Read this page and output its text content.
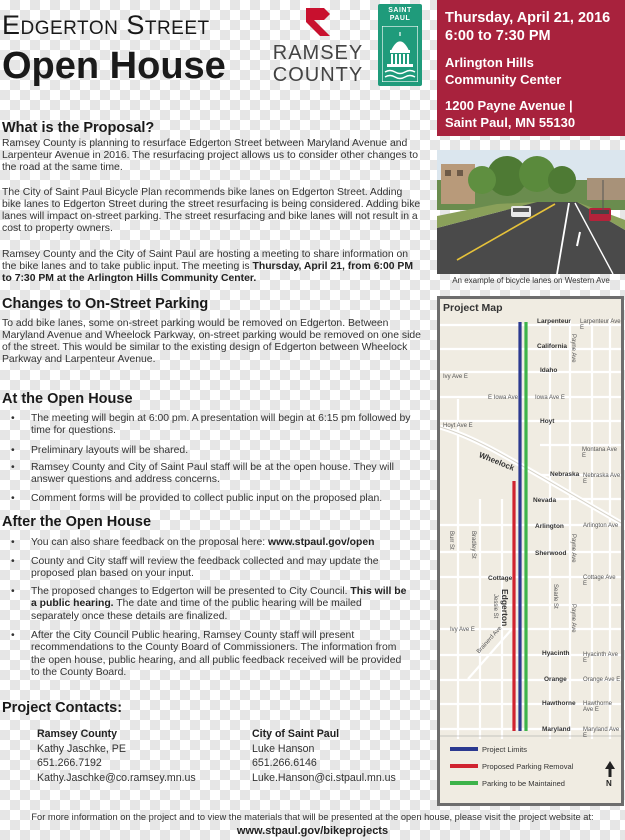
Edgerton Street
Open House RAMSEY
COUNTY
SAINT
PAUL	Thursday, April 21, 2016
6:00 to 7:30 PM
Arlington Hills
Community Center
1200 Payne Avenue |
Saint Paul, MN 55130
An example of bicycle lanes on Western Ave
What is the Proposal?

Ramsey County is planning to resurface Edgerton Street between Maryland Avenue and Larpenteur Avenue in 2016. The resurfacing project allows us to consider other changes to the road at the same time.

The City of Saint Paul Bicycle Plan recommends bike lanes on Edgerton Street. Adding bike lanes to Edgerton Street during the street resurfacing is being considered. Adding bike lanes will impact on-street parking. The street resurfacing and bike lanes will not result in a cost to property owners.

Ramsey County and the City of Saint Paul are hosting a meeting to share information on the bike lanes and to take public input. The meeting is Thursday, April 21, from 6:00 PM to 7:30 PM at the Arlington Hills Community Center.

Changes to On-Street Parking

To add bike lanes, some on-street parking would be removed on Edgerton. Between Maryland Avenue and Wheelock Parkway, on-street parking would be removed on one side of the street. This would be similar to the existing design of Edgerton between Wheelock Parkway and Larpenteur Avenue.

At the Open House
• The meeting will begin at 6:00 pm. A presentation will begin at 6:15 pm followed by time for questions.
• Preliminary layouts will be shared.
• Ramsey County and City of Saint Paul staff will be at the open house. They will answer questions and address concerns.
• Comment forms will be provided to collect public input on the proposed plan.
After the Open House
• You can also share feedback on the proposal here: www.stpaul.gov/open
• County and City staff will review the feedback collected and may update the proposed plan based on your input.
• The proposed changes to Edgerton will be presented to City Council. This will be a public hearing. The date and time of the public hearing will be mailed separately once these details are finalized.
• After the City Council Public hearing, Ramsey County staff will present recommendations to the County Board of Commissioners. The information from the open house, public hearing, and all public feedback received will be provided to the County Board.
Project Contacts:
Ramsey County
Kathy Jaschke, PE
651.266.7192
Kathy.Jaschke@co.ramsey.mn.us
City of Saint Paul
Luke Hanson
651.266.6146
Luke.Hanson@ci.stpaul.mn.us
Project Map
Larpenteur Larpenteur Ave E
California
Idaho
Ivy Ave E
E Iowa Ave	Iowa Ave E
Hoyt
Hoyt Ave E
Montana Ave E
Wheelock
Nebraska Nebraska Ave E
Nevada
Arlington	Arlington Ave
Sherwood
Cottage	Cottage Ave E
Ivy Ave E
Hyacinth Hyacinth Ave E
Orange	Orange Ave E
Hawthorne Hawthorne Ave E
Maryland Maryland Ave E
Edgerton
Payne Ave
Payne Ave
Payne Ave
Bradley St
Burr St
Jessie St	Searle St
Brainerd Ave
Project Limits
Proposed Parking Removal
Parking to be Maintained	N
For more information on the project and to view the materials that will be presented at the open house, please visit the project website at:
www.stpaul.gov/bikeprojects
